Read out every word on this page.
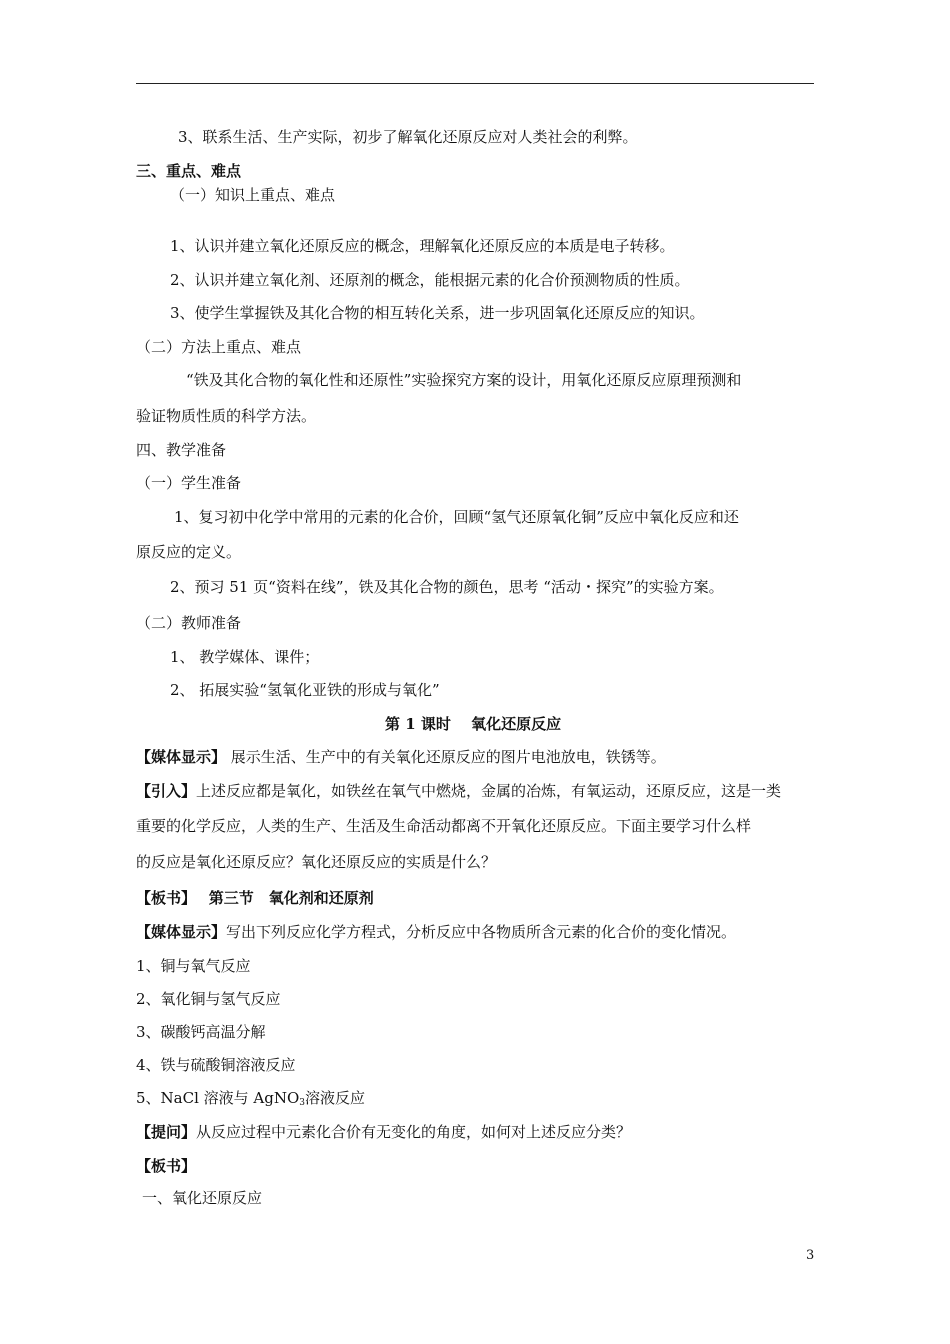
3、联系生活、生产实际，初步了解氧化还原反应对人类社会的利弊。
三、重点、难点
（一）知识上重点、难点
1、认识并建立氧化还原反应的概念，理解氧化还原反应的本质是电子转移。
2、认识并建立氧化剂、还原剂的概念，能根据元素的化合价预测物质的性质。
3、使学生掌握铁及其化合物的相互转化关系，进一步巩固氧化还原反应的知识。
（二）方法上重点、难点
“铁及其化合物的氧化性和还原性”实验探究方案的设计，用氧化还原反应原理预测和
验证物质性质的科学方法。
四、教学准备
（一）学生准备
1、复习初中化学中常用的元素的化合价，回顾“氢气还原氧化铜”反应中氧化反应和还
原反应的定义。
2、预习 51 页“资料在线”，铁及其化合物的颜色，思考 “活动・探究”的实验方案。
（二）教师准备
1、 教学媒体、课件；
2、 拓展实验“氢氧化亚铁的形成与氧化”
第 1 课时　 氧化还原反应
【媒体显示】 展示生活、生产中的有关氧化还原反应的图片电池放电，铁锈等。
【引入】上述反应都是氧化，如铁丝在氧气中燃烧，金属的冶炼，有氧运动，还原反应，这是一类
重要的化学反应，人类的生产、生活及生命活动都离不开氧化还原反应。下面主要学习什么样
的反应是氧化还原反应？氧化还原反应的实质是什么？
【板书】　 第三节　氧化剂和还原剂
【媒体显示】写出下列反应化学方程式，分析反应中各物质所含元素的化合价的变化情况。
1、铜与氧气反应
2、氧化铜与氢气反应
3、碳酸钙高温分解
4、铁与硫酸铜溶液反应
5、NaCl 溶液与 AgNO$_3$溶液反应
【提问】从反应过程中元素化合价有无变化的角度，如何对上述反应分类？
【板书】
一、氧化还原反应
3
